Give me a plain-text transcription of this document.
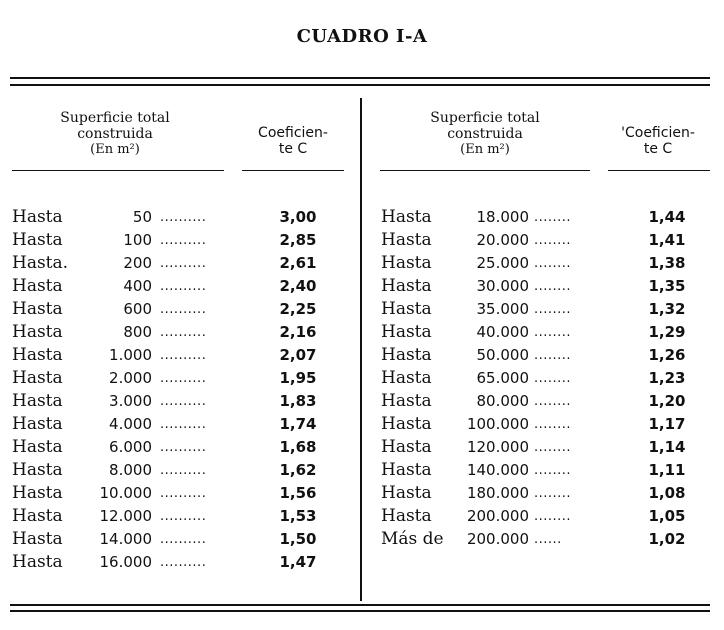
CUADRO I-A
Superficie total
construida
(En m²)
Coeficien-
te C
Superficie total
construida
(En m²)
'Coeficien-
te C
Hasta	50 ..........	3,00
Hasta	100 ..........	2,85
Hasta.	200 ..........	2,61
Hasta	400 ..........	2,40
Hasta	600 ..........	2,25
Hasta	800 ..........	2,16
Hasta	1.000 ..........	2,07
Hasta	2.000 ..........	1,95
Hasta	3.000 ..........	1,83
Hasta	4.000 ..........	1,74
Hasta	6.000 ..........	1,68
Hasta	8.000 ..........	1,62
Hasta	10.000 ..........	1,56
Hasta	12.000 ..........	1,53
Hasta	14.000 ..........	1,50
Hasta	16.000 ..........	1,47
Hasta	18.000 ........	1,44
Hasta	20.000 ........	1,41
Hasta	25.000 ........	1,38
Hasta	30.000 ........	1,35
Hasta	35.000 ........	1,32
Hasta	40.000 ........	1,29
Hasta	50.000 ........	1,26
Hasta	65.000 ........	1,23
Hasta	80.000 ........	1,20
Hasta	100.000 ........	1,17
Hasta	120.000 ........	1,14
Hasta	140.000 ........	1,11
Hasta	180.000 ........	1,08
Hasta	200.000 ........	1,05
Más de	200.000 ......	1,02
